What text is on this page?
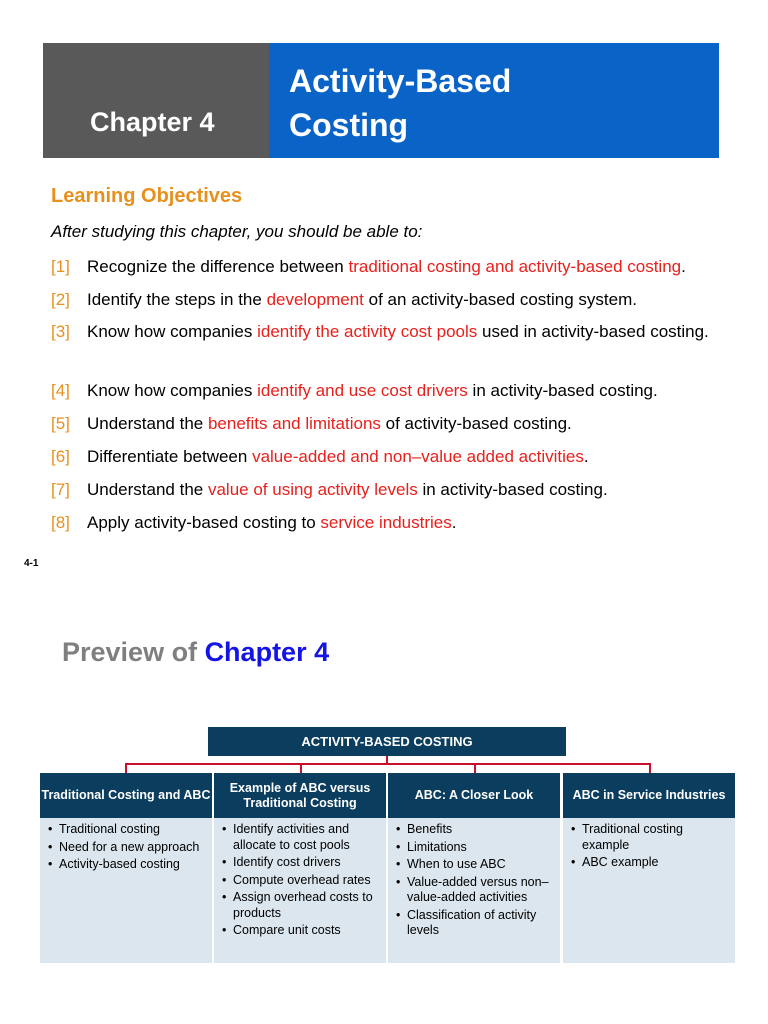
Chapter 4
Activity-Based
Costing
Learning Objectives
After studying this chapter, you should be able to:
[1]	Recognize the difference between traditional costing and activity-based costing.
[2]	Identify the steps in the development of an activity-based costing system.
[3]	Know how companies identify the activity cost pools used in activity-based costing.
[4]	Know how companies identify and use cost drivers in activity-based costing.
[5]	Understand the benefits and limitations of activity-based costing.
[6]	Differentiate between value-added and non–value added activities.
[7]	Understand the value of using activity levels in activity-based costing.
[8]	Apply activity-based costing to service industries.
4-1
Preview of Chapter 4
ACTIVITY-BASED COSTING
Traditional Costing and ABC
• Traditional costing
• Need for a new approach
• Activity-based costing
Example of ABC versus Traditional Costing
• Identify activities and allocate to cost pools
• Identify cost drivers
• Compute overhead rates
• Assign overhead costs to products
• Compare unit costs
ABC: A Closer Look
• Benefits
• Limitations
• When to use ABC
• Value-added versus non–value-added activities
• Classification of activity levels
ABC in Service Industries
• Traditional costing example
• ABC example
